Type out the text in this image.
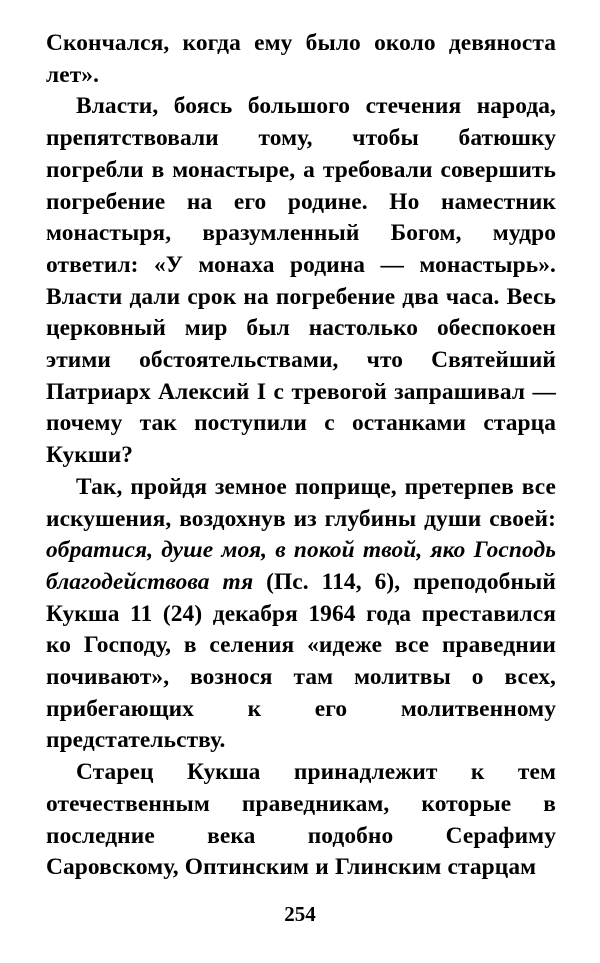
Скончался, когда ему было около девяноста лет».

Власти, боясь большого стечения народа, препятствовали тому, чтобы батюшку погребли в монастыре, а требовали совершить погребение на его родине. Но наместник монастыря, вразумленный Богом, мудро ответил: «У монаха родина — монастырь». Власти дали срок на погребение два часа. Весь церковный мир был настолько обеспокоен этими обстоятельствами, что Святейший Патриарх Алексий I с тревогой запрашивал — почему так поступили с останками старца Кукши?

Так, пройдя земное поприще, претерпев все искушения, воздохнув из глубины души своей: обратися, душе моя, в покой твой, яко Господь благодействова тя (Пс. 114, 6), преподобный Кукша 11 (24) декабря 1964 года преставился ко Господу, в селения «идеже все праведнии почивают», вознося там молитвы о всех, прибегающих к его молитвенному предстательству.

Старец Кукша принадлежит к тем отечественным праведникам, которые в последние века подобно Серафиму Саровскому, Оптинским и Глинским старцам

254
